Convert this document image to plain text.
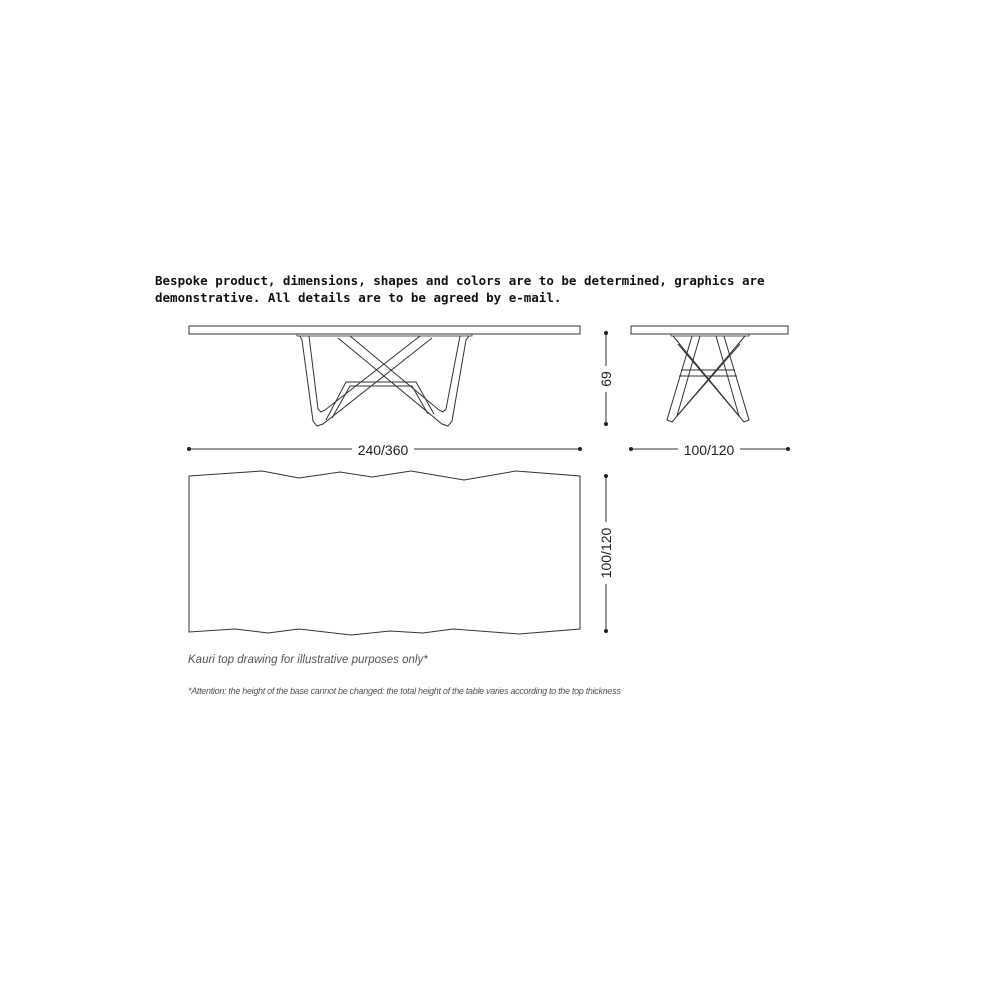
Bespoke product, dimensions, shapes and colors are to be determined, graphics are
demonstrative. All details are to be agreed by e-mail.

69
240/360	100/120
100/120

Kauri top drawing for illustrative purposes only*

*Attention: the height of the base cannot be changed: the total height of the table varies according to the top thickness
